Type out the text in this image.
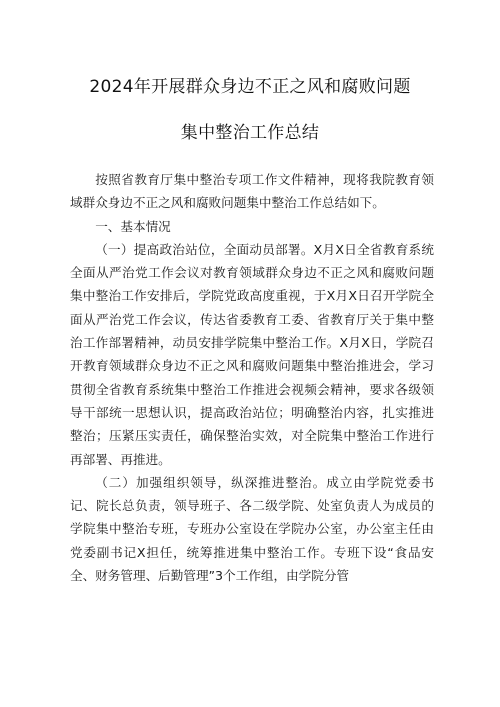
2024年开展群众身边不正之风和腐败问题
集中整治工作总结

按照省教育厅集中整治专项工作文件精神，现将我院教育领域群众身边不正之风和腐败问题集中整治工作总结如下。

一、基本情况

（一）提高政治站位，全面动员部署。X月X日全省教育系统全面从严治党工作会议对教育领域群众身边不正之风和腐败问题集中整治工作安排后，学院党政高度重视，于X月X日召开学院全面从严治党工作会议，传达省委教育工委、省教育厅关于集中整治工作部署精神，动员安排学院集中整治工作。X月X日，学院召开教育领域群众身边不正之风和腐败问题集中整治推进会，学习贯彻全省教育系统集中整治工作推进会视频会精神，要求各级领导干部统一思想认识，提高政治站位；明确整治内容，扎实推进整治；压紧压实责任，确保整治实效，对全院集中整治工作进行再部署、再推进。

（二）加强组织领导，纵深推进整治。成立由学院党委书记、院长总负责，领导班子、各二级学院、处室负责人为成员的学院集中整治专班，专班办公室设在学院办公室，办公室主任由党委副书记X担任，统筹推进集中整治工作。专班下设“食品安全、财务管理、后勤管理”3个工作组，由学院分管
